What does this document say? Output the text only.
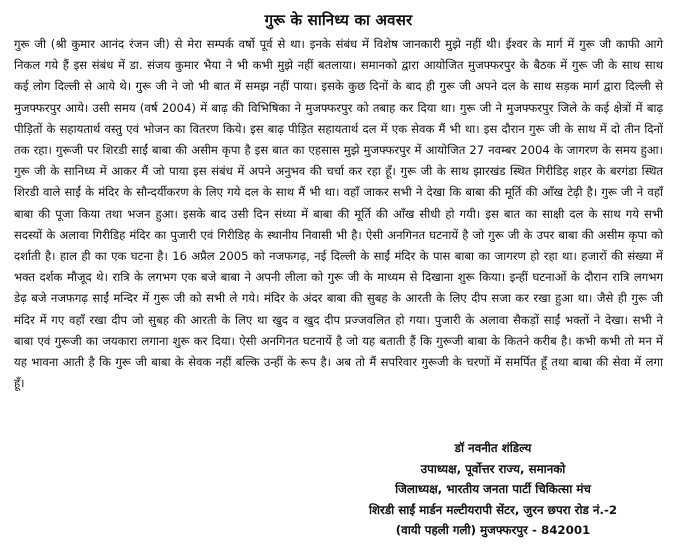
गुरू के सानिध्य का अवसर

गुरू जी (श्री कुमार आनंद रंजन जी) से मेरा सम्पर्क वर्षो पूर्व से था। इनके संबंध में विशेष जानकारी मुझे नहीं थी। ईश्वर के मार्ग में गुरू जी काफी आगे निकल गये हैं इस संबंध में डा. संजय कुमार भैया ने भी कभी मुझे नहीं बतलाया। समानको द्वारा आयोजित मुजफ्फरपुर के बैठक में गुरू जी के साथ साथ कई लोग दिल्ली से आये थे। गुरू जी ने जो भी बात में समझ नहीं पाया। इसके कुछ दिनों के बाद ही गुरू जी अपने दल के साथ सड़क मार्ग द्वारा दिल्ली से मुजफ्फरपुर आये। उसी समय (वर्ष 2004) में बाढ़ की विभिषिका ने मुजफ्फरपुर को तबाह कर दिया था। गुरू जी ने मुजफ्फरपुर जिले के कई क्षेत्रों में बाढ़ पीड़ितों के सहायतार्थ वस्तु एवं भोजन का वितरण किये। इस बाढ़ पीड़ित सहायतार्थ दल में एक सेवक मैं भी था। इस दौरान गुरू जी के साथ में दो तीन दिनों तक रहा। गुरूजी पर शिरडी साईं बाबा की असीम कृपा है इस बात का एहसास मुझे मुजफ्फरपुर में आयोजित 27 नवम्बर 2004 के जागरण के समय हुआ। गुरू जी के सानिध्य में आकर मैं जो पाया इस संबंध में अपने अनुभव की चर्चा कर रहा हूँ। गुरू जी के साथ झारखंड स्थित गिरीडिह शहर के बरगंडा स्थित शिरडी वाले साईं के मंदिर के सौन्दर्यीकरण के लिए गये दल के साथ मैं भी था। वहाँ जाकर सभी ने देखा कि बाबा की मूर्ति की आँख टेढ़ी है। गुरू जी ने वहाँ बाबा की पूजा किया तथा भजन हुआ। इसके बाद उसी दिन संध्या में बाबा की मूर्ति की आँख सीधी हो गयी। इस बात का साक्षी दल के साथ गये सभी सदस्यों के अलावा गिरीडिह मंदिर का पुजारी एवं गिरीडिह के स्थानीय निवासी भी है। ऐसी अनगिनत घटनायें है जो गुरू जी के उपर बाबा की असीम कृपा को दर्शाती है। हाल ही का एक घटना है। 16 अप्रैल 2005 को नजफगढ़, नई दिल्ली के साईं मंदिर के पास बाबा का जागरण हो रहा था। हजारों की संख्या में भक्त दर्शक मौजूद थे। रात्रि के लगभग एक बजे बाबा ने अपनी लीला को गुरू जी के माध्यम से दिखाना शुरू किया। इन्हीं घटनाओं के दौरान रात्रि लगभग डेढ़ बजे नजफगढ़ साईं मन्दिर में गुरू जी को सभी ले गये। मंदिर के अंदर बाबा की सुबह के आरती के लिए दीप सजा कर रखा हुआ था। जैसे ही गुरू जी मंदिर में गए वहाँ रखा दीप जो सुबह की आरती के लिए था खुद व खुद दीप प्रज्जवलित हो गया। पुजारी के अलावा सैकड़ों साईं भक्तों ने देखा। सभी ने बाबा एवं गुरूजी का जयकारा लगाना शुरू कर दिया। ऐसी अनगिनत घटनायें है जो यह बताती हैं कि गुरूजी बाबा के कितने करीब है। कभी कभी तो मन में यह भावना आती है कि गुरू जी बाबा के सेवक नहीं बल्कि उन्हीं के रूप है। अब तो मैं सपरिवार गुरूजी के चरणों में समर्पित हूँ तथा बाबा की सेवा में लगा हूँ।

डॉ नवनीत शंडिल्य
उपाध्यक्ष, पूर्वोत्तर राज्य, समानको
जिलाध्यक्ष, भारतीय जनता पार्टी चिकित्सा मंच
शिरडी साईं मार्डन मल्टीयरापी सेंटर, जुरन छपरा रोड नं.-2
(वायी पहली गली) मुजफ्फरपुर - 842001
